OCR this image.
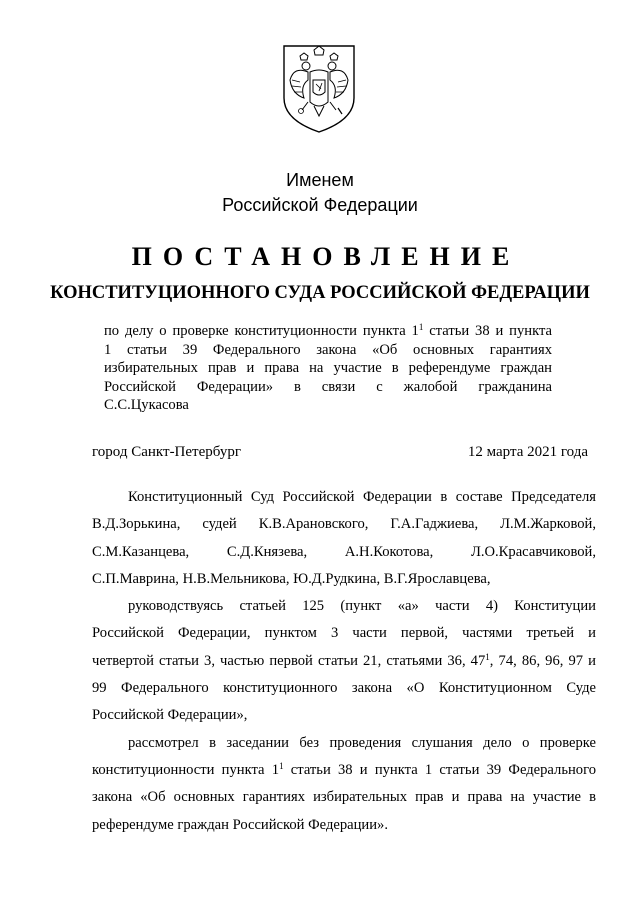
Именем
Российской Федерации
ПОСТАНОВЛЕНИЕ
КОНСТИТУЦИОННОГО СУДА РОССИЙСКОЙ ФЕДЕРАЦИИ
по делу о проверке конституционности пункта $1^1$ статьи 38 и пункта
1 статьи 39 Федерального закона «Об основных гарантиях
избирательных прав и права на участие в референдуме граждан
Российской Федерации» в связи с жалобой гражданина
С.С.Цукасова
город Санкт-Петербург	12 марта 2021 года
Конституционный Суд Российской Федерации в составе Председателя
В.Д.Зорькина, судей К.В.Арановского, Г.А.Гаджиева, Л.М.Жарковой,
С.М.Казанцева, С.Д.Князева, А.Н.Кокотова, Л.О.Красавчиковой,
С.П.Маврина, Н.В.Мельникова, Ю.Д.Рудкина, В.Г.Ярославцева,
руководствуясь статьей 125 (пункт «а» части 4) Конституции
Российской Федерации, пунктом 3 части первой, частями третьей и
четвертой статьи 3, частью первой статьи 21, статьями 36, $47^1$, 74, 86, 96, 97 и
99 Федерального конституционного закона «О Конституционном Суде
Российской Федерации»,
рассмотрел в заседании без проведения слушания дело о проверке
конституционности пункта $1^1$ статьи 38 и пункта 1 статьи 39 Федерального
закона «Об основных гарантиях избирательных прав и права на участие в
референдуме граждан Российской Федерации».
